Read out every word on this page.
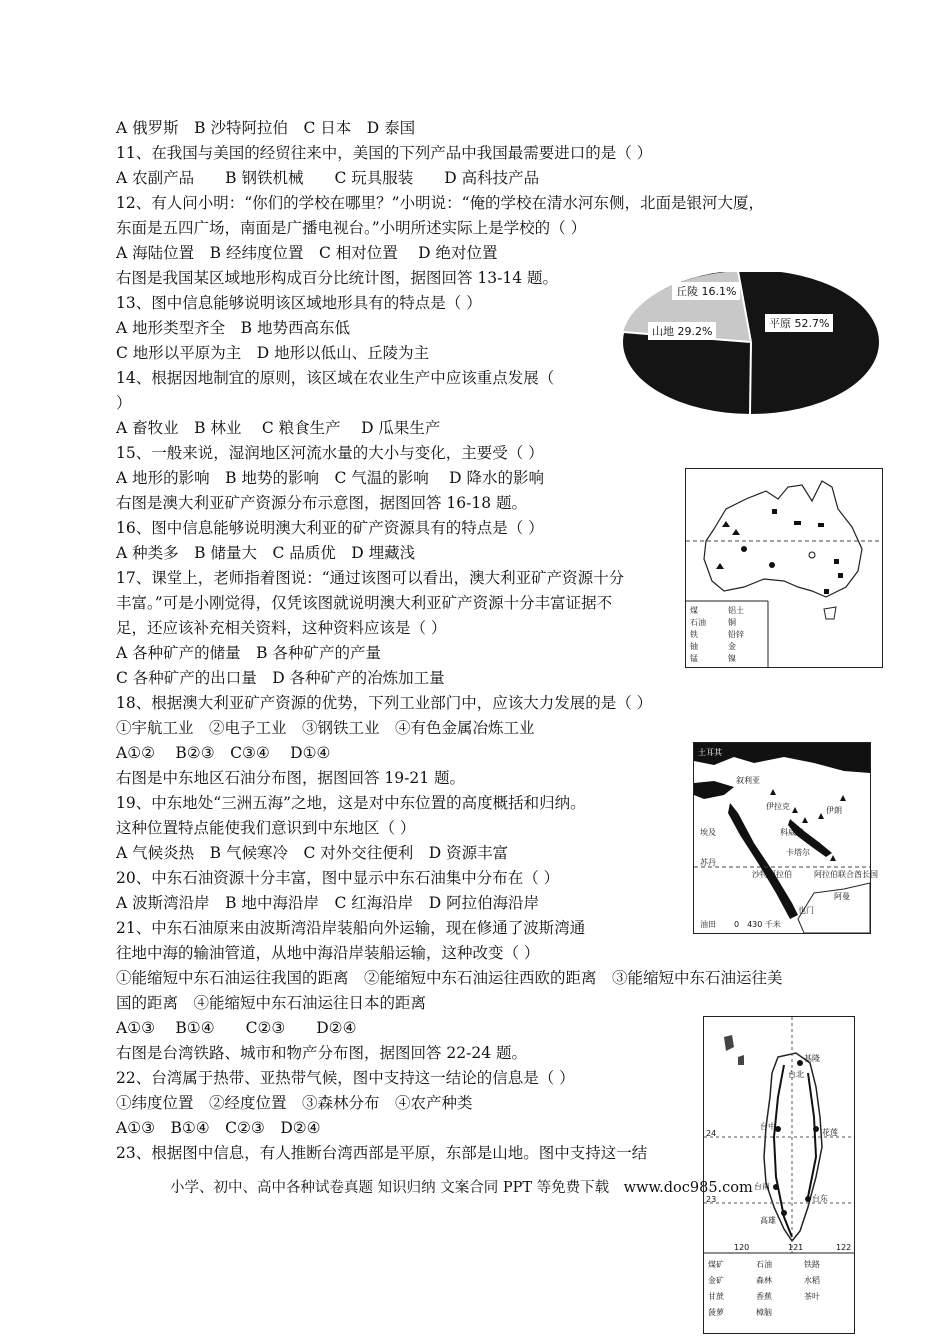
A 俄罗斯　B 沙特阿拉伯　C 日本　D 泰国
11、在我国与美国的经贸往来中，美国的下列产品中我国最需要进口的是（ ）
A 农副产品　　B 钢铁机械　　C 玩具服装　　D 高科技产品
12、有人问小明：“你们的学校在哪里？”小明说：“俺的学校在清水河东侧，北面是银河大厦，
东面是五四广场，南面是广播电视台。”小明所述实际上是学校的（ ）
A 海陆位置　B 经纬度位置　C 相对位置　 D 绝对位置
右图是我国某区域地形构成百分比统计图，据图回答 13-14 题。
13、图中信息能够说明该区域地形具有的特点是（ ）
A 地形类型齐全　B 地势西高东低
C 地形以平原为主　D 地形以低山、丘陵为主
14、根据因地制宜的原则，该区域在农业生产中应该重点发展（
）
A 畜牧业　B 林业　 C 粮食生产　 D 瓜果生产
15、一般来说，湿润地区河流水量的大小与变化，主要受（ ）
A 地形的影响　B 地势的影响　C 气温的影响　 D 降水的影响
右图是澳大利亚矿产资源分布示意图，据图回答 16-18 题。
16、图中信息能够说明澳大利亚的矿产资源具有的特点是（ ）
A 种类多　B 储量大　C 品质优　D 埋藏浅
17、课堂上，老师指着图说：“通过该图可以看出，澳大利亚矿产资源十分
丰富。”可是小刚觉得，仅凭该图就说明澳大利亚矿产资源十分丰富证据不
足，还应该补充相关资料，这种资料应该是（ ）
A 各种矿产的储量　B 各种矿产的产量
C 各种矿产的出口量　D 各种矿产的冶炼加工量
18、根据澳大利亚矿产资源的优势，下列工业部门中，应该大力发展的是（ ）
①宇航工业　②电子工业　③钢铁工业　④有色金属冶炼工业
A①②　 B②③　C③④　 D①④
右图是中东地区石油分布图，据图回答 19-21 题。
19、中东地处“三洲五海”之地，这是对中东位置的高度概括和归纳。
这种位置特点能使我们意识到中东地区（ ）
A 气候炎热　B 气候寒冷　C 对外交往便利　D 资源丰富
20、中东石油资源十分丰富，图中显示中东石油集中分布在（ ）
A 波斯湾沿岸　B 地中海沿岸　C 红海沿岸　D 阿拉伯海沿岸
21、中东石油原来由波斯湾沿岸装船向外运输，现在修通了波斯湾通
往地中海的输油管道，从地中海沿岸装船运输，这种改变（ ）
①能缩短中东石油运往我国的距离　②能缩短中东石油运往西欧的距离　③能缩短中东石油运往美
国的距离　④能缩短中东石油运往日本的距离
A①③　 B①④　　C②③　　D②④
右图是台湾铁路、城市和物产分布图，据图回答 22-24 题。
22、台湾属于热带、亚热带气候，图中支持这一结论的信息是（ ）
①纬度位置　②经度位置　③森林分布　④农产种类
A①③　B①④　C②③　D②④
23、根据图中信息，有人推断台湾西部是平原，东部是山地。图中支持这一结
丘陵 16.1%
山地 29.2%
平原 52.7%
煤	铝土
石油	铜
铁	铅锌
铀	金
锰	镍
土耳其
叙利亚
伊拉克	伊朗
沙特阿拉伯	阿拉伯联合酋长国
科威特
卡塔尔
阿曼
也门
埃及
苏丹
油田 0　430 千米
基隆
台北
台中
台南
高雄
花莲
台东
24
23
121
120	122
煤矿	石油	铁路
金矿	森林	水稻
甘蔗	香蕉	茶叶
菠萝	樟脑
小学、初中、高中各种试卷真题 知识归纳 文案合同 PPT 等免费下载　www.doc985.com
